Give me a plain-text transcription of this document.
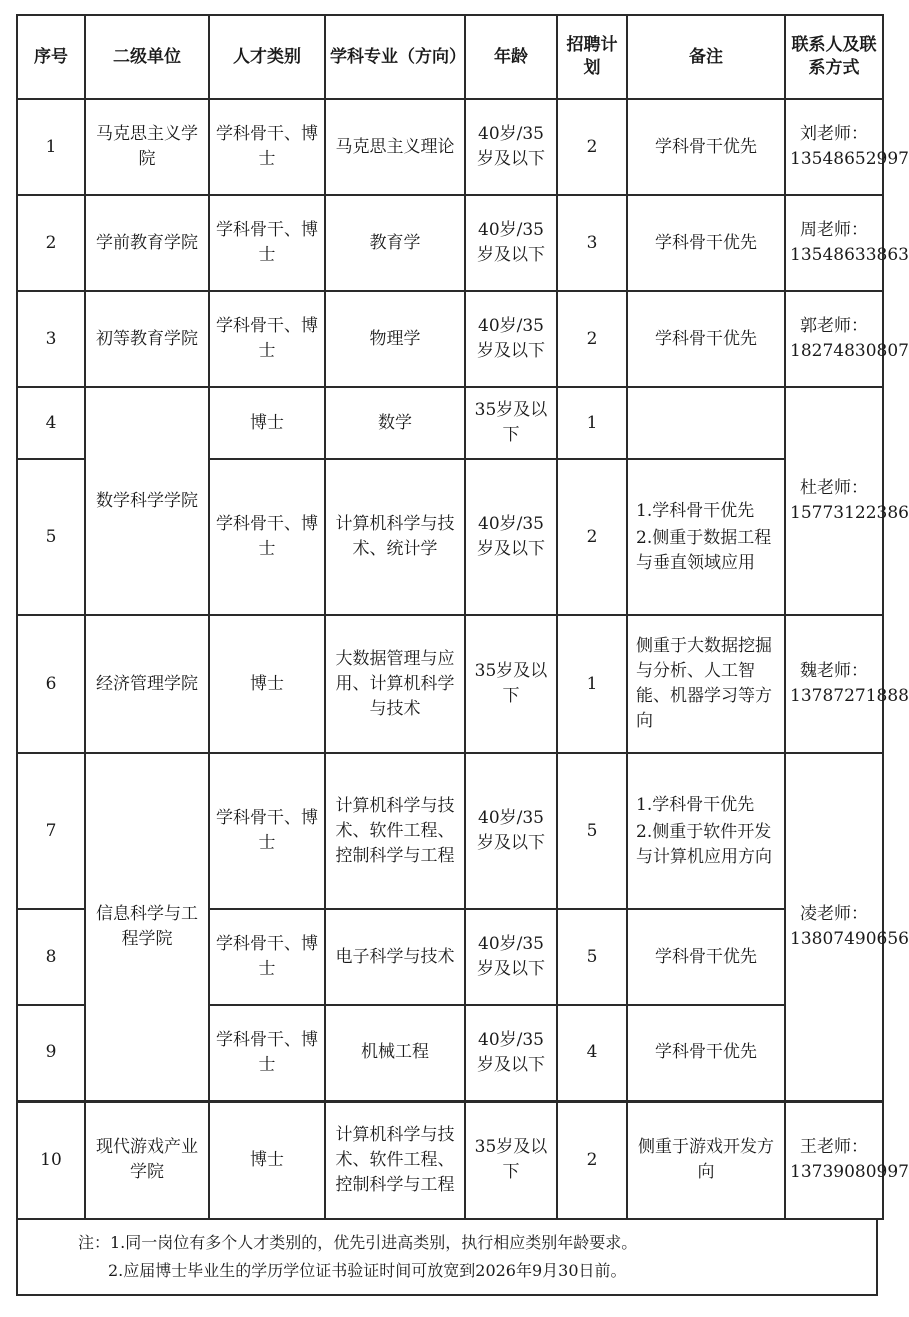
序号	二级单位	人才类别	学科专业（方向）	年龄	招聘计划	备注	联系人及联系方式
1	马克思主义学院	学科骨干、博士	马克思主义理论	40岁/35岁及以下	2	学科骨干优先	刘老师：13548652997
2	学前教育学院	学科骨干、博士	教育学	40岁/35岁及以下	3	学科骨干优先	周老师：13548633863
3	初等教育学院	学科骨干、博士	物理学	40岁/35岁及以下	2	学科骨干优先	郭老师：18274830807
4	数学科学学院	博士	数学	35岁及以下	1		杜老师：15773122386
5		学科骨干、博士	计算机科学与技术、统计学	40岁/35岁及以下	2	1.学科骨干优先
2.侧重于数据工程与垂直领域应用	

6	经济管理学院	博士	大数据管理与应用、计算机科学与技术	35岁及以下	1	侧重于大数据挖掘与分析、人工智能、机器学习等方向	魏老师：13787271888
7	信息科学与工程学院	学科骨干、博士	计算机科学与技术、软件工程、控制科学与工程	40岁/35岁及以下	5	1.学科骨干优先
2.侧重于软件开发与计算机应用方向	凌老师：13807490656
8		学科骨干、博士	电子科学与技术	40岁/35岁及以下	5	学科骨干优先	
9		学科骨干、博士	机械工程	40岁/35岁及以下	4	学科骨干优先	
10	现代游戏产业学院	博士	计算机科学与技术、软件工程、控制科学与工程	35岁及以下	2	侧重于游戏开发方向	王老师：13739080997
注：1.同一岗位有多个人才类别的，优先引进高类别，执行相应类别年龄要求。
2.应届博士毕业生的学历学位证书验证时间可放宽到2026年9月30日前。
